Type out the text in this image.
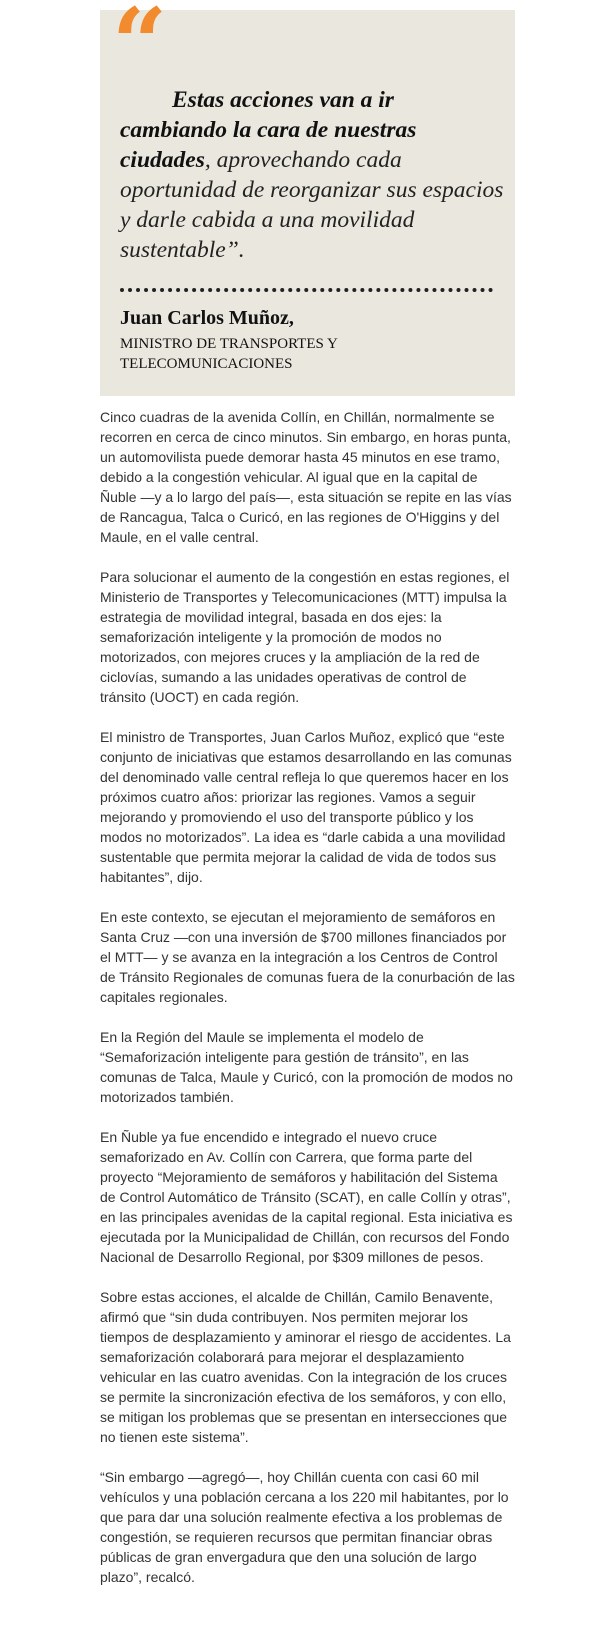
“ Estas acciones van a ir cambiando la cara de nuestras ciudades, aprovechando cada oportunidad de reorganizar sus espacios y darle cabida a una movilidad sustentable”.

Juan Carlos Muñoz,

MINISTRO DE TRANSPORTES Y TELECOMUNICACIONES

Cinco cuadras de la avenida Collín, en Chillán, normalmente se recorren en cerca de cinco minutos. Sin embargo, en horas punta, un automovilista puede demorar hasta 45 minutos en ese tramo, debido a la congestión vehicular. Al igual que en la capital de Ñuble —y a lo largo del país—, esta situación se repite en las vías de Rancagua, Talca o Curicó, en las regiones de O'Higgins y del Maule, en el valle central.

Para solucionar el aumento de la congestión en estas regiones, el Ministerio de Transportes y Telecomunicaciones (MTT) impulsa la estrategia de movilidad integral, basada en dos ejes: la semaforización inteligente y la promoción de modos no motorizados, con mejores cruces y la ampliación de la red de ciclovías, sumando a las unidades operativas de control de tránsito (UOCT) en cada región.

El ministro de Transportes, Juan Carlos Muñoz, explicó que “este conjunto de iniciativas que estamos desarrollando en las comunas del denominado valle central refleja lo que queremos hacer en los próximos cuatro años: priorizar las regiones. Vamos a seguir mejorando y promoviendo el uso del transporte público y los modos no motorizados”. La idea es “darle cabida a una movilidad sustentable que permita mejorar la calidad de vida de todos sus habitantes”, dijo.

En este contexto, se ejecutan el mejoramiento de semáforos en Santa Cruz —con una inversión de $700 millones financiados por el MTT— y se avanza en la integración a los Centros de Control de Tránsito Regionales de comunas fuera de la conurbación de las capitales regionales.

En la Región del Maule se implementa el modelo de “Semaforización inteligente para gestión de tránsito”, en las comunas de Talca, Maule y Curicó, con la promoción de modos no motorizados también.

En Ñuble ya fue encendido e integrado el nuevo cruce semaforizado en Av. Collín con Carrera, que forma parte del proyecto “Mejoramiento de semáforos y habilitación del Sistema de Control Automático de Tránsito (SCAT), en calle Collín y otras”, en las principales avenidas de la capital regional. Esta iniciativa es ejecutada por la Municipalidad de Chillán, con recursos del Fondo Nacional de Desarrollo Regional, por $309 millones de pesos.

Sobre estas acciones, el alcalde de Chillán, Camilo Benavente, afirmó que “sin duda contribuyen. Nos permiten mejorar los tiempos de desplazamiento y aminorar el riesgo de accidentes. La semaforización colaborará para mejorar el desplazamiento vehicular en las cuatro avenidas. Con la integración de los cruces se permite la sincronización efectiva de los semáforos, y con ello, se mitigan los problemas que se presentan en intersecciones que no tienen este sistema”.

“Sin embargo —agregó—, hoy Chillán cuenta con casi 60 mil vehículos y una población cercana a los 220 mil habitantes, por lo que para dar una solución realmente efectiva a los problemas de congestión, se requieren recursos que permitan financiar obras públicas de gran envergadura que den una solución de largo plazo”, recalcó.
